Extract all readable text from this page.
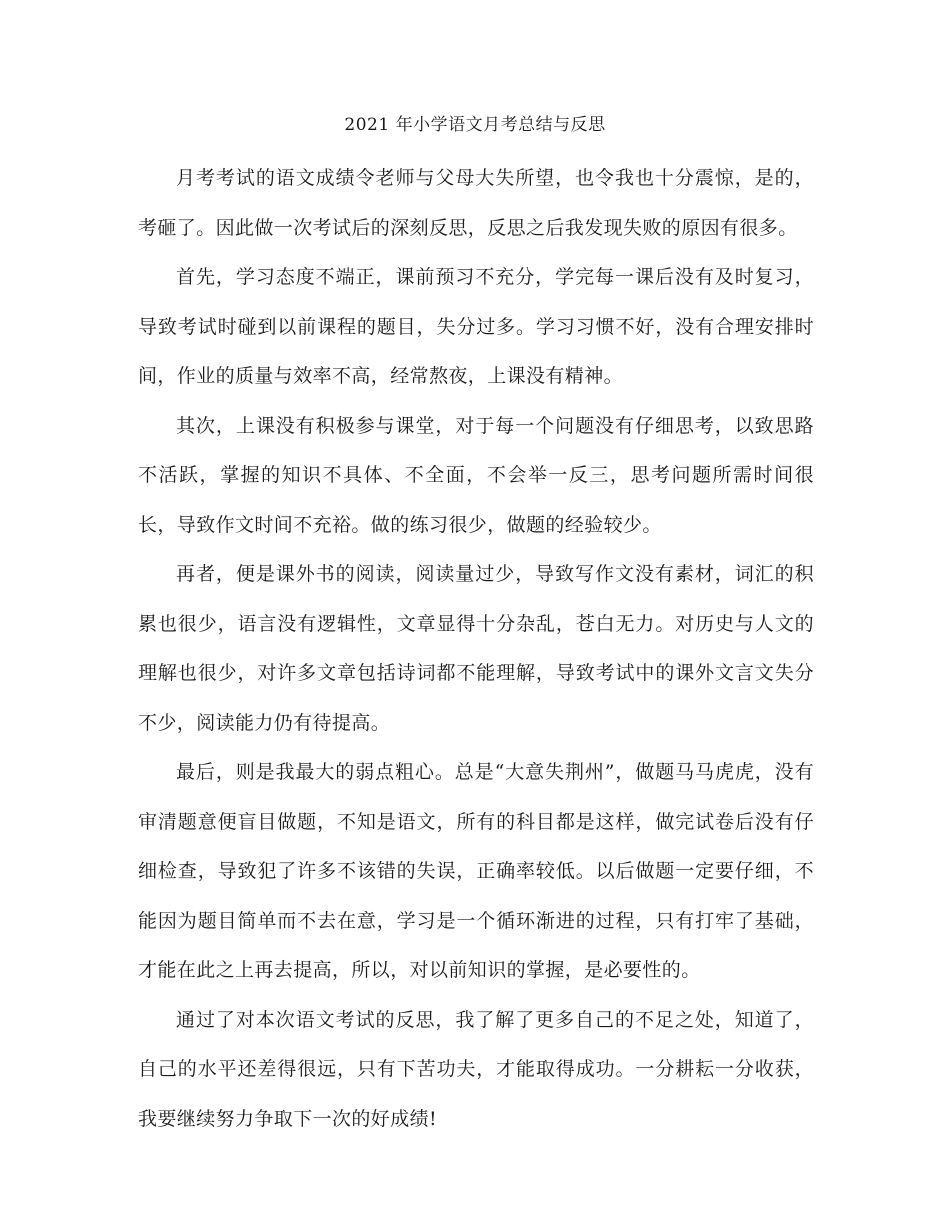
2021 年小学语文月考总结与反思

月考考试的语文成绩令老师与父母大失所望，也令我也十分震惊，是的，考砸了。因此做一次考试后的深刻反思，反思之后我发现失败的原因有很多。

首先，学习态度不端正，课前预习不充分，学完每一课后没有及时复习，导致考试时碰到以前课程的题目，失分过多。学习习惯不好，没有合理安排时间，作业的质量与效率不高，经常熬夜，上课没有精神。

其次，上课没有积极参与课堂，对于每一个问题没有仔细思考，以致思路不活跃，掌握的知识不具体、不全面，不会举一反三，思考问题所需时间很长，导致作文时间不充裕。做的练习很少，做题的经验较少。

再者，便是课外书的阅读，阅读量过少，导致写作文没有素材，词汇的积累也很少，语言没有逻辑性，文章显得十分杂乱，苍白无力。对历史与人文的理解也很少，对许多文章包括诗词都不能理解，导致考试中的课外文言文失分不少，阅读能力仍有待提高。

最后，则是我最大的弱点粗心。总是“大意失荆州”，做题马马虎虎，没有审清题意便盲目做题，不知是语文，所有的科目都是这样，做完试卷后没有仔细检查，导致犯了许多不该错的失误，正确率较低。以后做题一定要仔细，不能因为题目简单而不去在意，学习是一个循环渐进的过程，只有打牢了基础，才能在此之上再去提高，所以，对以前知识的掌握，是必要性的。

通过了对本次语文考试的反思，我了解了更多自己的不足之处，知道了，自己的水平还差得很远，只有下苦功夫，才能取得成功。一分耕耘一分收获，我要继续努力争取下一次的好成绩!
